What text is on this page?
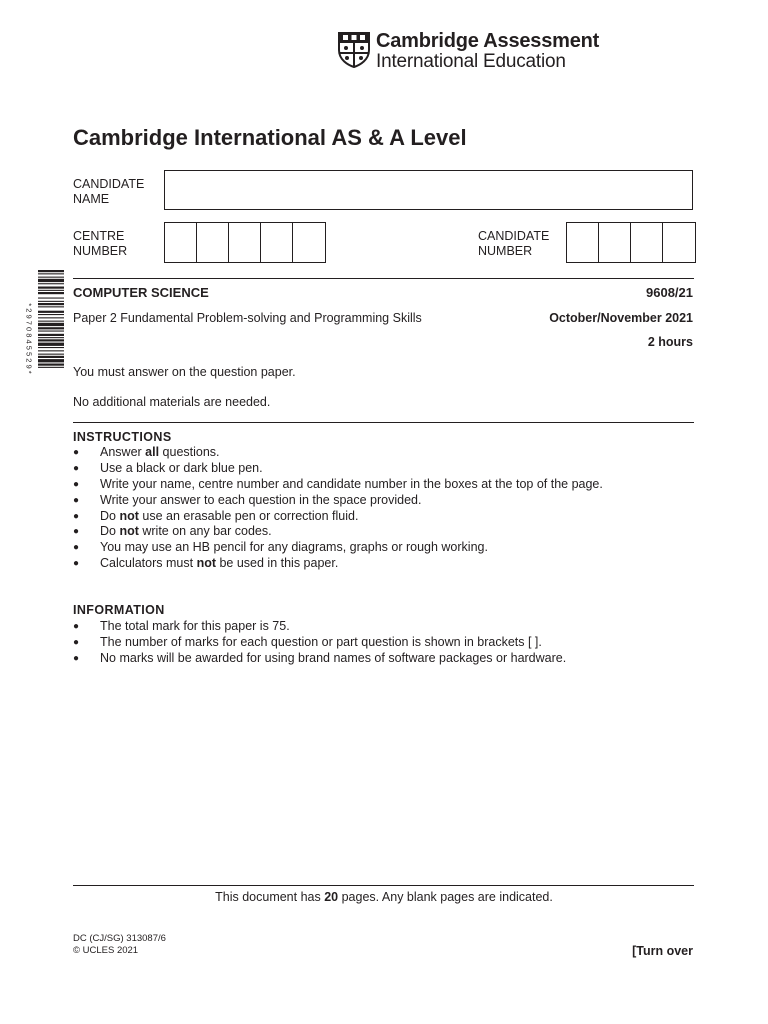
Cambridge Assessment
International Education
Cambridge International AS & A Level
CANDIDATE
NAME
CENTRE
NUMBER
CANDIDATE
NUMBER
* 2 9 7 0 8 4 5 5 2 9 *
COMPUTER SCIENCE	9608/21
Paper 2 Fundamental Problem-solving and Programming Skills	October/November 2021
2 hours
You must answer on the question paper.
No additional materials are needed.
INSTRUCTIONS
● Answer all questions.
● Use a black or dark blue pen.
● Write your name, centre number and candidate number in the boxes at the top of the page.
● Write your answer to each question in the space provided.
● Do not use an erasable pen or correction fluid.
● Do not write on any bar codes.
● You may use an HB pencil for any diagrams, graphs or rough working.
● Calculators must not be used in this paper.
INFORMATION
● The total mark for this paper is 75.
● The number of marks for each question or part question is shown in brackets [ ].
● No marks will be awarded for using brand names of software packages or hardware.
This document has 20 pages. Any blank pages are indicated.
DC (CJ/SG) 313087/6
© UCLES 2021	[Turn over
